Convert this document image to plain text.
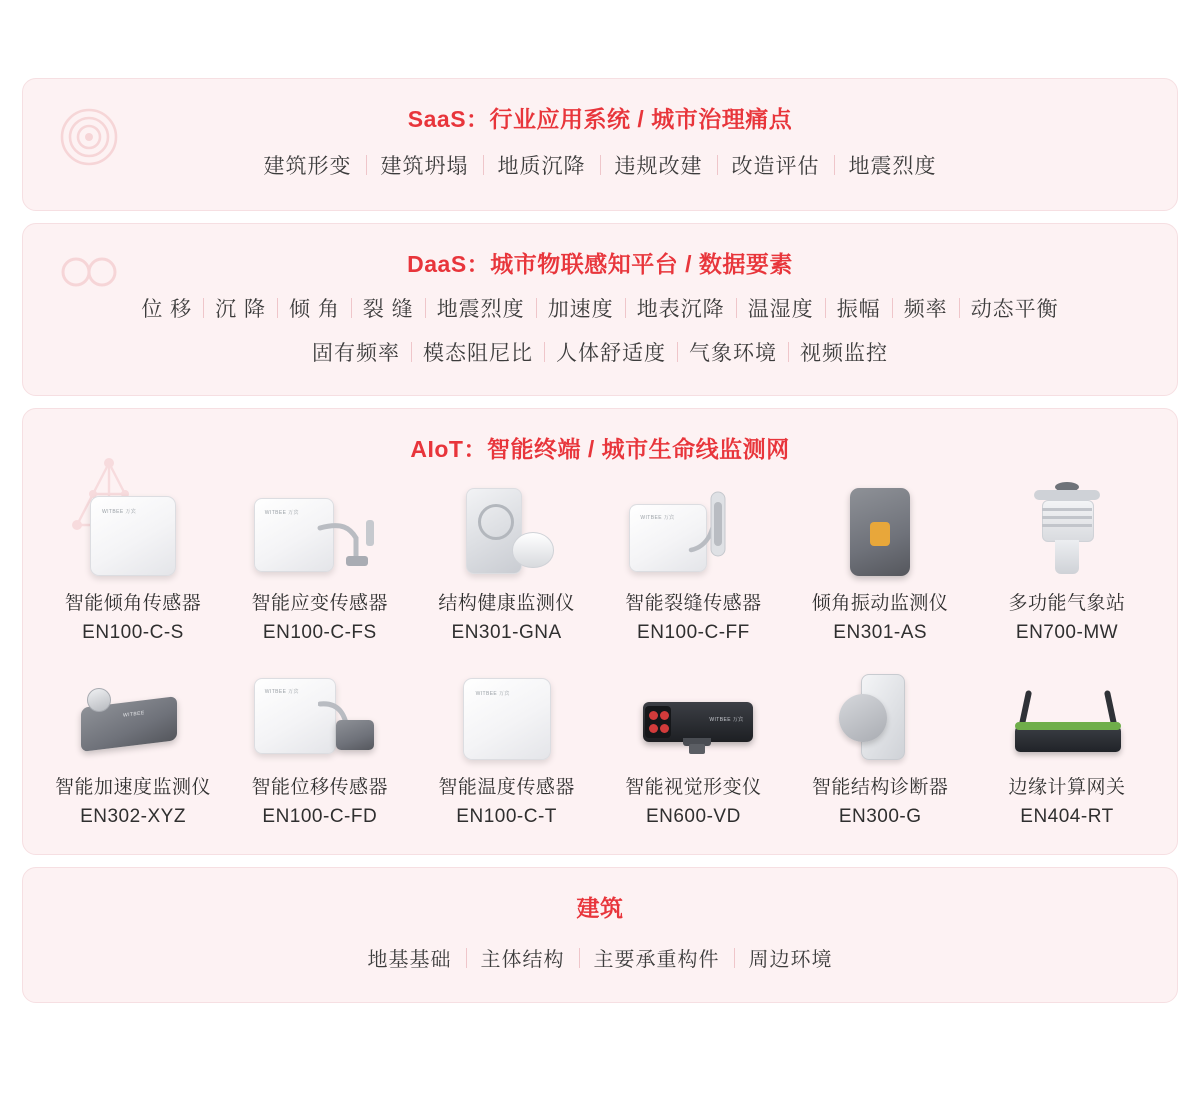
SaaS：行业应用系统 / 城市治理痛点
建筑形变	建筑坍塌	地质沉降	违规改建	改造评估	地震烈度
DaaS：城市物联感知平台 / 数据要素
位 移	沉 降	倾 角	裂 缝	地震烈度	加速度	地表沉降	温湿度	振幅	频率	动态平衡
固有频率	模态阻尼比	人体舒适度	气象环境	视频监控
AIoT：智能终端 / 城市生命线监测网
WITBEE 万宾
智能倾角传感器
EN100-C-S
WITBEE 万宾
智能应变传感器
EN100-C-FS
结构健康监测仪
EN301-GNA
WITBEE 万宾
智能裂缝传感器
EN100-C-FF
倾角振动监测仪
EN301-AS
多功能气象站
EN700-MW
WITBEE
智能加速度监测仪
EN302-XYZ
WITBEE 万宾
智能位移传感器
EN100-C-FD
WITBEE 万宾
智能温度传感器
EN100-C-T
WITBEE 万宾
智能视觉形变仪
EN600-VD
智能结构诊断器
EN300-G
边缘计算网关
EN404-RT
建筑
地基基础	主体结构	主要承重构件	周边环境
